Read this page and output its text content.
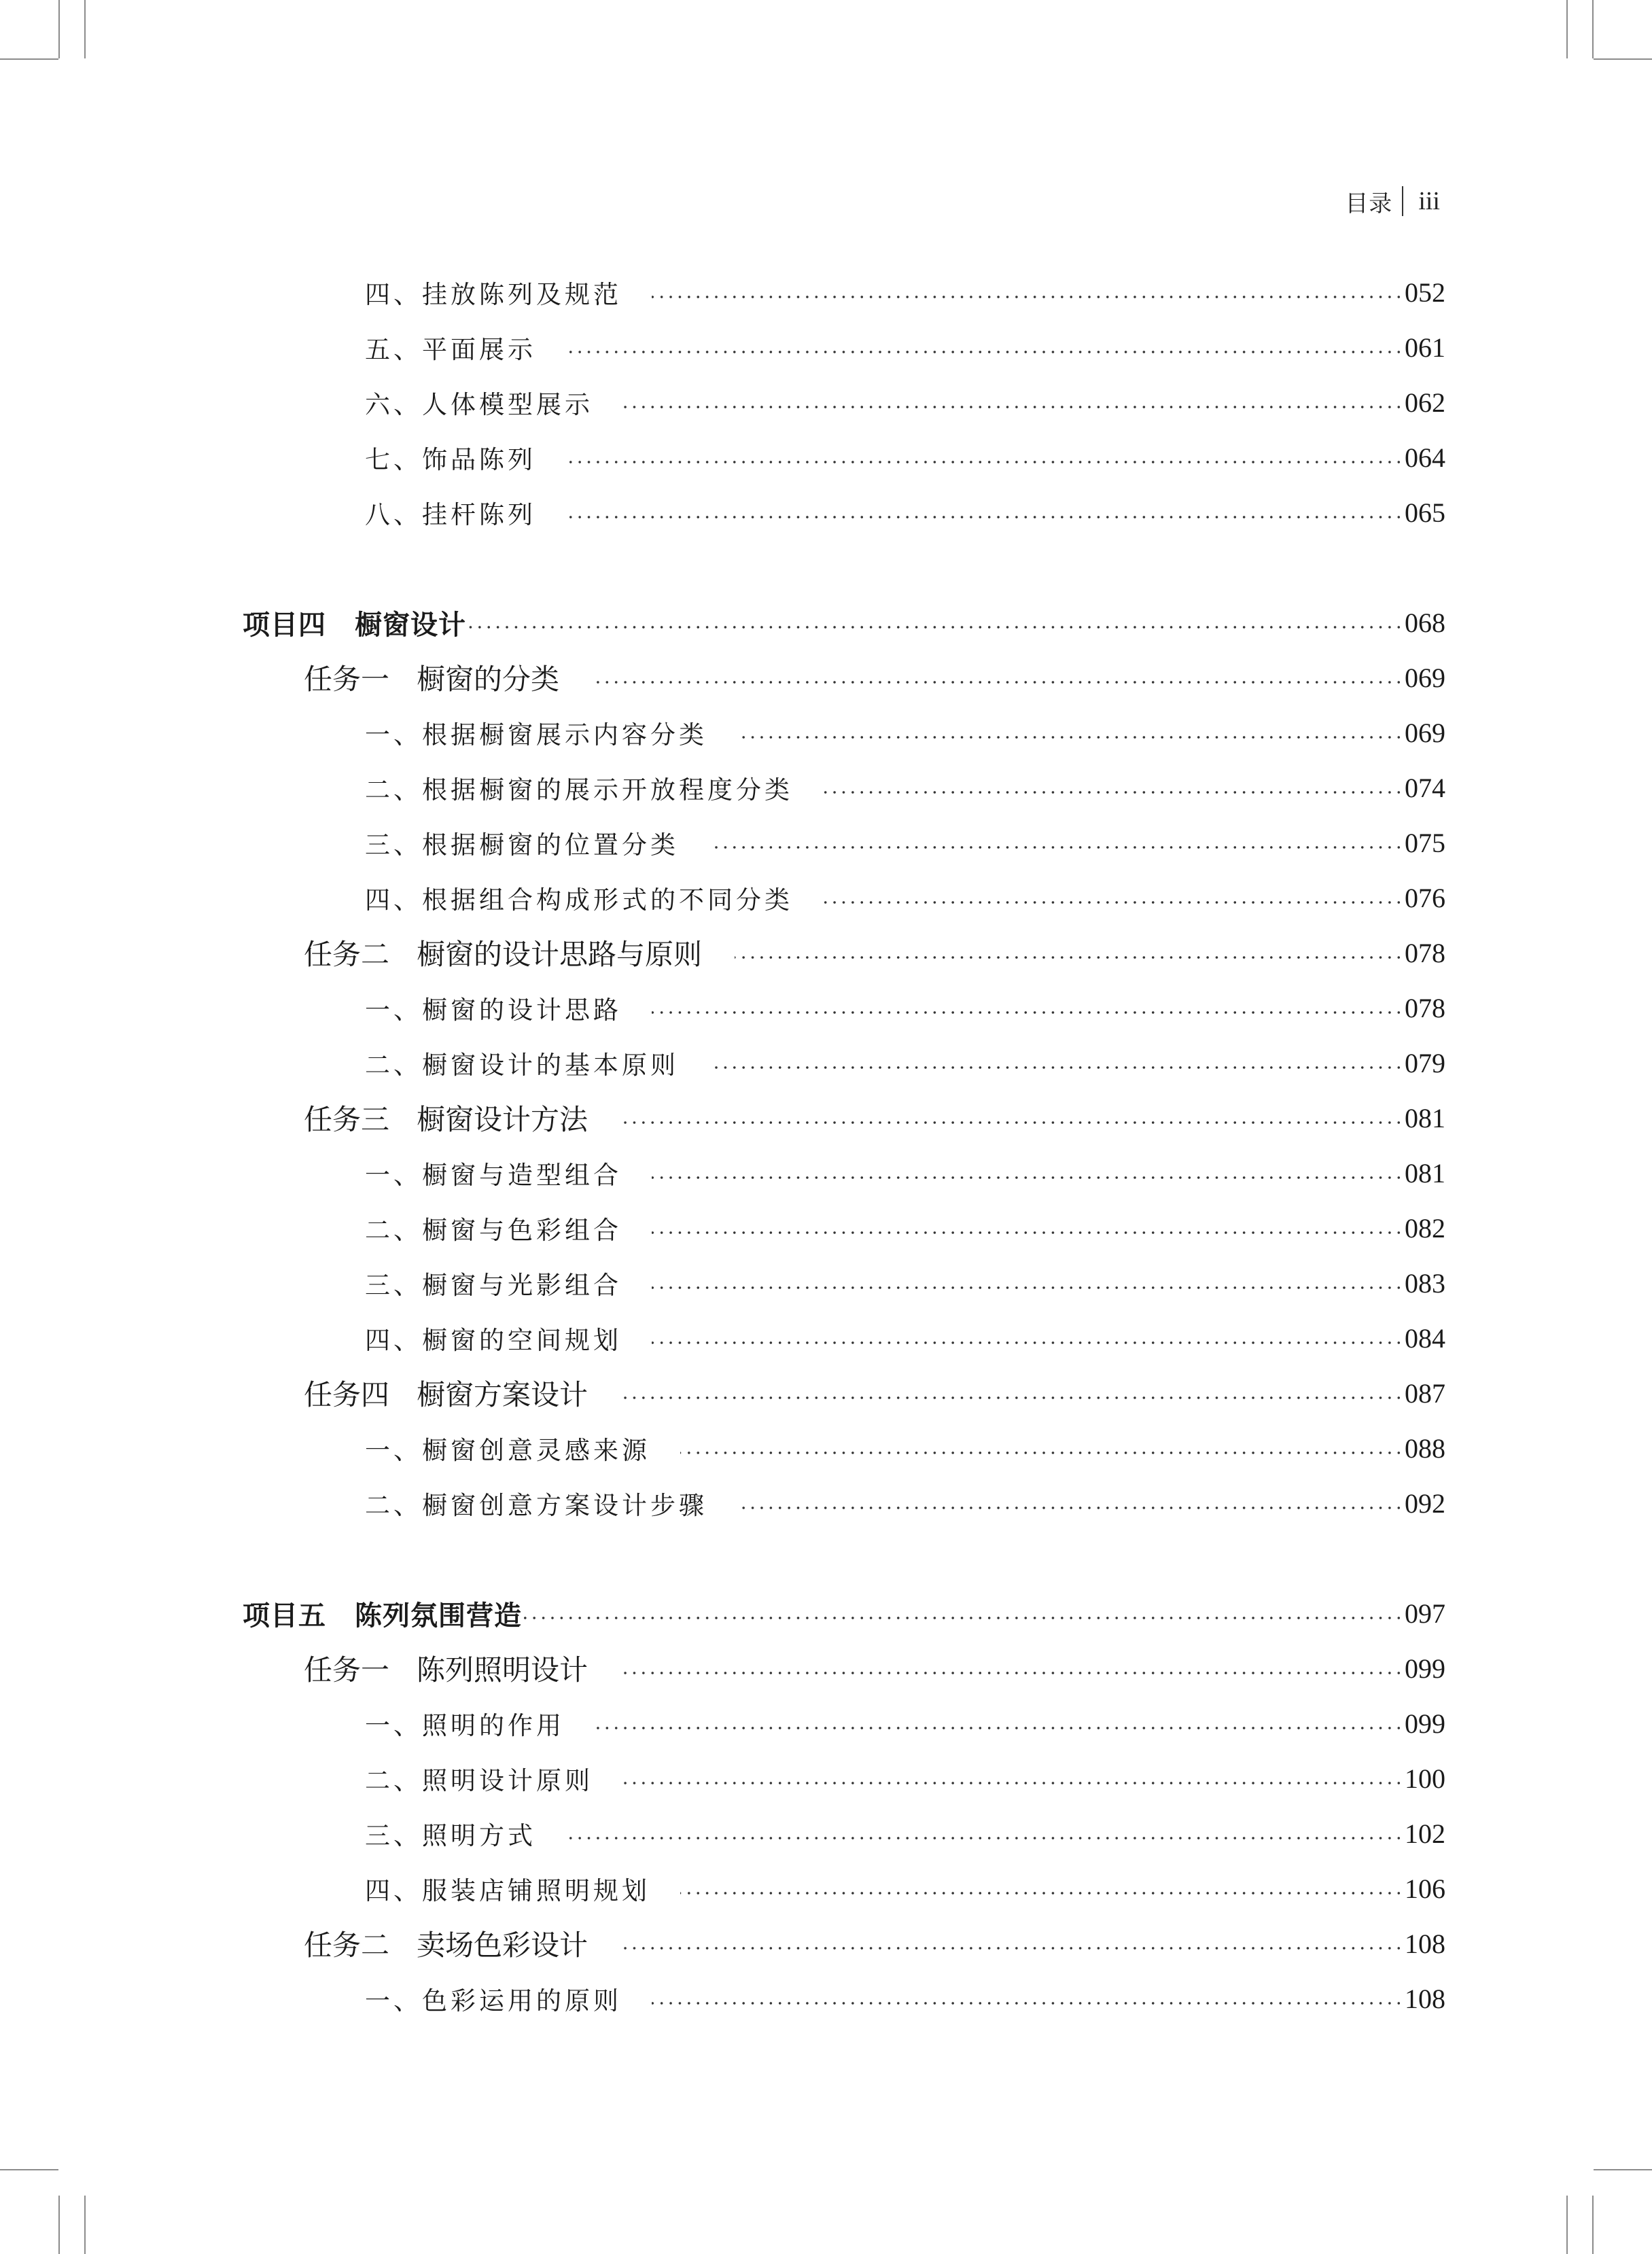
目录 iii
四、挂放陈列及规范	052
五、平面展示	061
六、人体模型展示	062
七、饰品陈列	064
八、挂杆陈列	065
项目四 橱窗设计	068
任务一 橱窗的分类	069
一、根据橱窗展示内容分类	069
二、根据橱窗的展示开放程度分类	074
三、根据橱窗的位置分类	075
四、根据组合构成形式的不同分类	076
任务二 橱窗的设计思路与原则	078
一、橱窗的设计思路	078
二、橱窗设计的基本原则	079
任务三 橱窗设计方法	081
一、橱窗与造型组合	081
二、橱窗与色彩组合	082
三、橱窗与光影组合	083
四、橱窗的空间规划	084
任务四 橱窗方案设计	087
一、橱窗创意灵感来源	088
二、橱窗创意方案设计步骤	092
项目五 陈列氛围营造	097
任务一 陈列照明设计	099
一、照明的作用	099
二、照明设计原则	100
三、照明方式	102
四、服装店铺照明规划	106
任务二 卖场色彩设计	108
一、色彩运用的原则	108
